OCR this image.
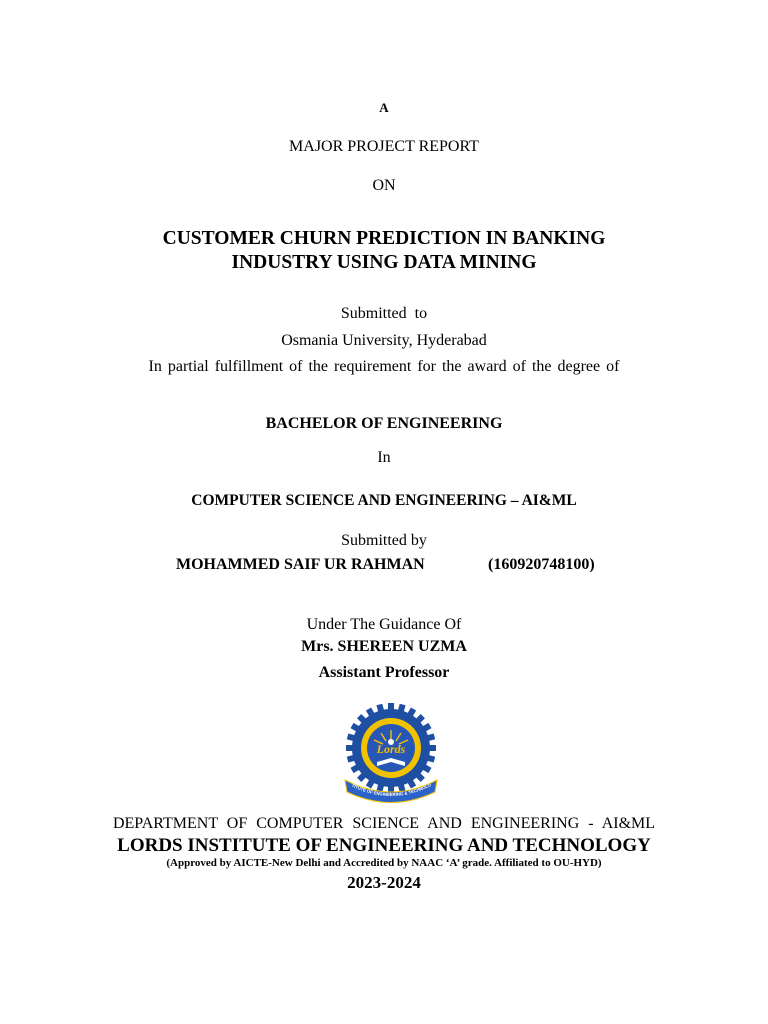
A
MAJOR PROJECT REPORT
ON
CUSTOMER CHURN PREDICTION IN BANKING
INDUSTRY USING DATA MINING
Submitted to
Osmania University, Hyderabad
In partial fulfillment of the requirement for the award of the degree of
BACHELOR OF ENGINEERING
In
COMPUTER SCIENCE AND ENGINEERING – AI&ML
Submitted by
MOHAMMED SAIF UR RAHMAN	(160920748100)
Under The Guidance Of
Mrs. SHEREEN UZMA
Assistant Professor
Lords
TITUTE OF ENGINEERING & TECHNOLO
DEPARTMENT OF COMPUTER SCIENCE AND ENGINEERING - AI&ML
LORDS INSTITUTE OF ENGINEERING AND TECHNOLOGY
(Approved by AICTE-New Delhi and Accredited by NAAC ‘A’ grade. Affiliated to OU-HYD)
2023-2024
